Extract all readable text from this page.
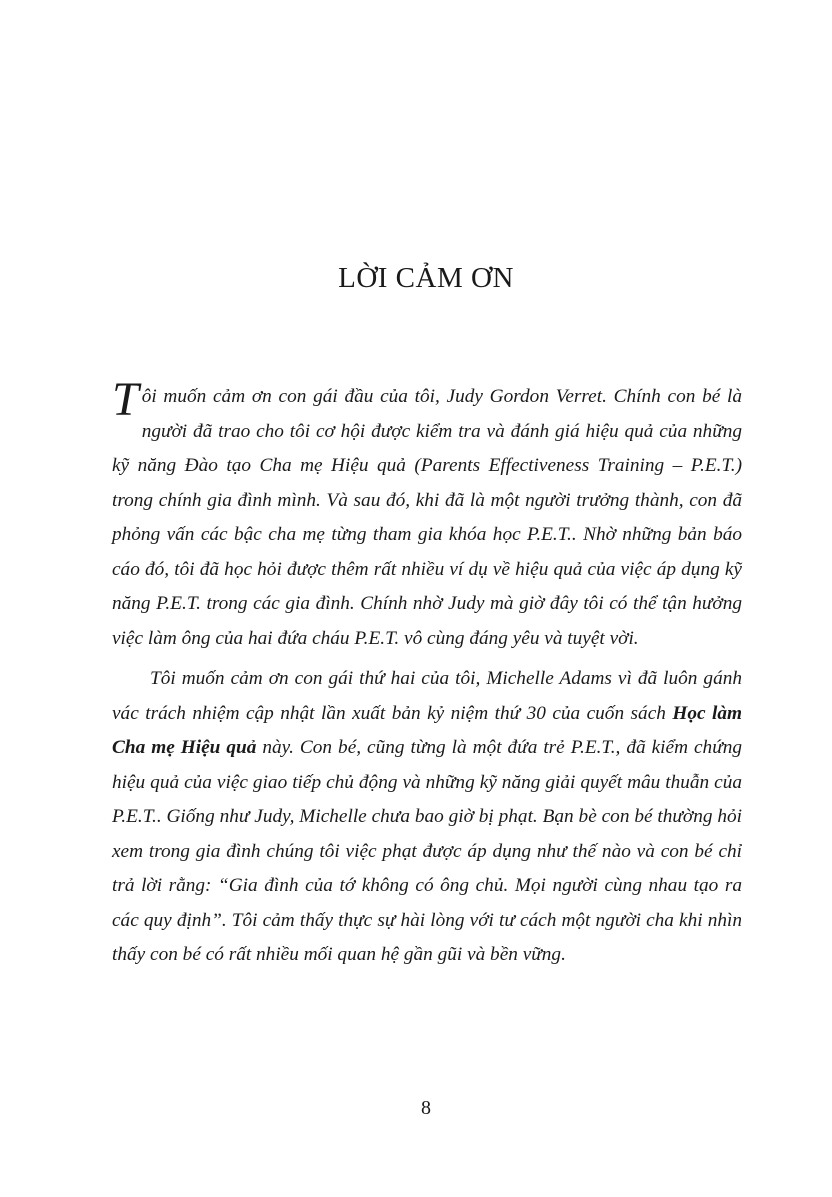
LỜI CẢM ƠN

Tôi muốn cảm ơn con gái đầu của tôi, Judy Gordon Verret. Chính con bé là người đã trao cho tôi cơ hội được kiểm tra và đánh giá hiệu quả của những kỹ năng Đào tạo Cha mẹ Hiệu quả (Parents Effectiveness Training – P.E.T.) trong chính gia đình mình. Và sau đó, khi đã là một người trưởng thành, con đã phỏng vấn các bậc cha mẹ từng tham gia khóa học P.E.T.. Nhờ những bản báo cáo đó, tôi đã học hỏi được thêm rất nhiều ví dụ về hiệu quả của việc áp dụng kỹ năng P.E.T. trong các gia đình. Chính nhờ Judy mà giờ đây tôi có thể tận hưởng việc làm ông của hai đứa cháu P.E.T. vô cùng đáng yêu và tuyệt vời.

Tôi muốn cảm ơn con gái thứ hai của tôi, Michelle Adams vì đã luôn gánh vác trách nhiệm cập nhật lần xuất bản kỷ niệm thứ 30 của cuốn sách Học làm Cha mẹ Hiệu quả này. Con bé, cũng từng là một đứa trẻ P.E.T., đã kiểm chứng hiệu quả của việc giao tiếp chủ động và những kỹ năng giải quyết mâu thuẫn của P.E.T.. Giống như Judy, Michelle chưa bao giờ bị phạt. Bạn bè con bé thường hỏi xem trong gia đình chúng tôi việc phạt được áp dụng như thế nào và con bé chỉ trả lời rằng: “Gia đình của tớ không có ông chủ. Mọi người cùng nhau tạo ra các quy định”. Tôi cảm thấy thực sự hài lòng với tư cách một người cha khi nhìn thấy con bé có rất nhiều mối quan hệ gần gũi và bền vững.

8
